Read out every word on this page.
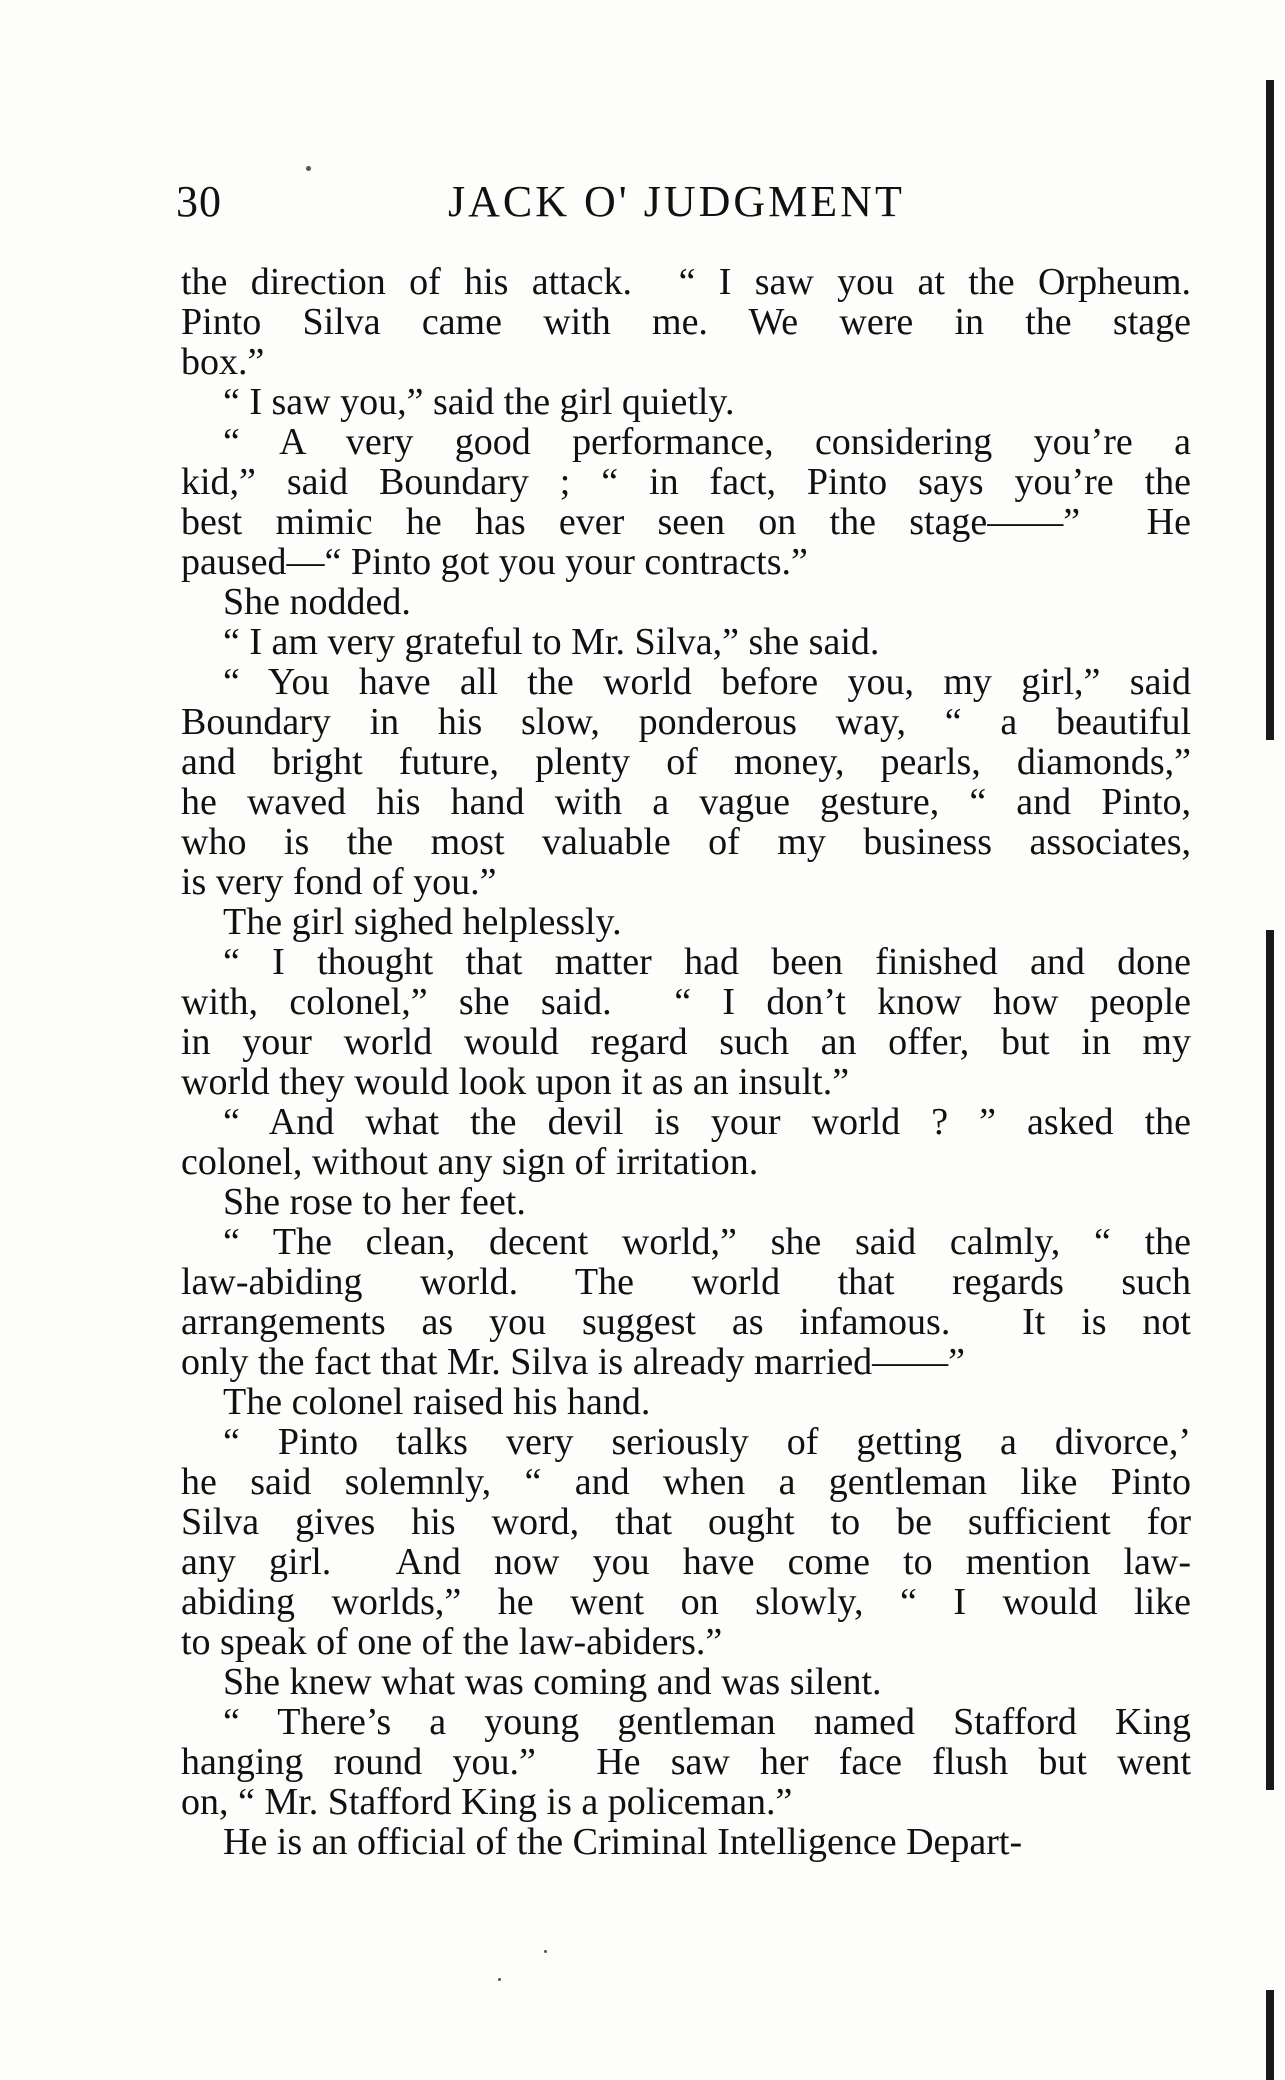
30	JACK O' JUDGMENT
the direction of his attack.  “ I saw you at the Orpheum.
Pinto Silva came with me. We were in the stage
box.”
“ I saw you,” said the girl quietly.
“ A very good performance, considering you’re a
kid,” said Boundary ; “ in fact, Pinto says you’re the
best mimic he has ever seen on the stage——”  He
paused—“ Pinto got you your contracts.”
She nodded.
“ I am very grateful to Mr. Silva,” she said.
“ You have all the world before you, my girl,” said
Boundary in his slow, ponderous way, “ a beautiful
and bright future, plenty of money, pearls, diamonds,”
he waved his hand with a vague gesture, “ and Pinto,
who is the most valuable of my business associates,
is very fond of you.”
The girl sighed helplessly.
“ I thought that matter had been finished and done
with, colonel,” she said.  “ I don’t know how people
in your world would regard such an offer, but in my
world they would look upon it as an insult.”
“ And what the devil is your world ? ” asked the
colonel, without any sign of irritation.
She rose to her feet.
“ The clean, decent world,” she said calmly, “ the
law-abiding world. The world that regards such
arrangements as you suggest as infamous.  It is not
only the fact that Mr. Silva is already married——”
The colonel raised his hand.
“ Pinto talks very seriously of getting a divorce,’
he said solemnly, “ and when a gentleman like Pinto
Silva gives his word, that ought to be sufficient for
any girl.  And now you have come to mention law-
abiding worlds,” he went on slowly, “ I would like
to speak of one of the law-abiders.”
She knew what was coming and was silent.
“ There’s a young gentleman named Stafford King
hanging round you.”  He saw her face flush but went
on, “ Mr. Stafford King is a policeman.”
He is an official of the Criminal Intelligence Depart-
